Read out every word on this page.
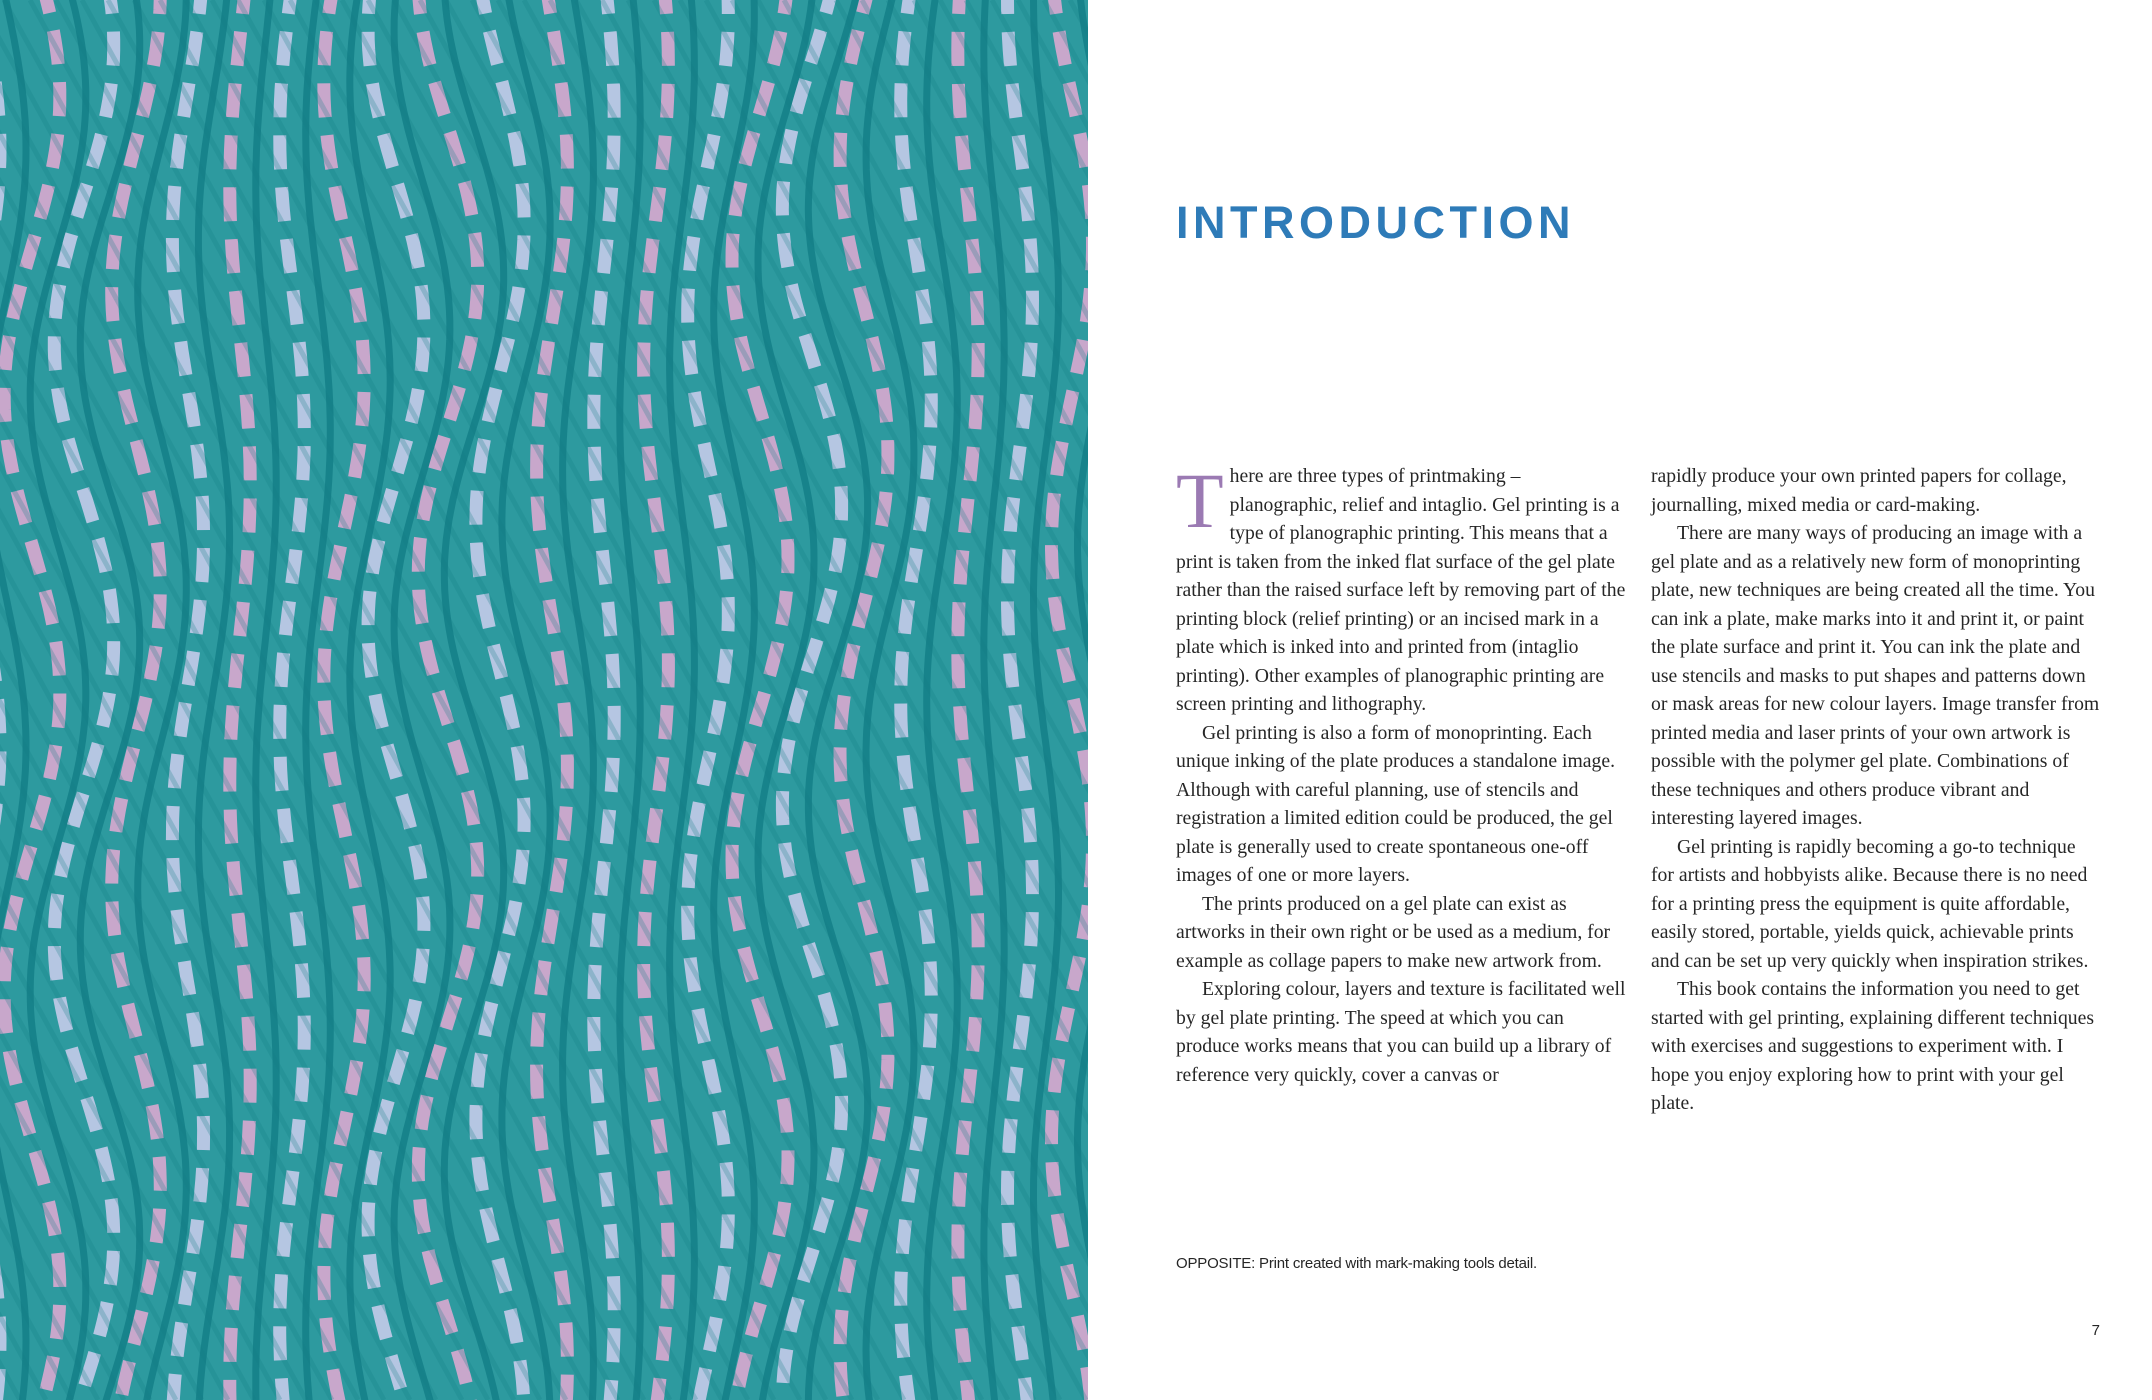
INTRODUCTION

There are three types of printmaking – planographic, relief and intaglio. Gel printing is a type of planographic printing. This means that a print is taken from the inked flat surface of the gel plate rather than the raised surface left by removing part of the printing block (relief printing) or an incised mark in a plate which is inked into and printed from (intaglio printing). Other examples of planographic printing are screen printing and lithography.

Gel printing is also a form of monoprinting. Each unique inking of the plate produces a standalone image. Although with careful planning, use of stencils and registration a limited edition could be produced, the gel plate is generally used to create spontaneous one-off images of one or more layers.

The prints produced on a gel plate can exist as artworks in their own right or be used as a medium, for example as collage papers to make new artwork from.

Exploring colour, layers and texture is facilitated well by gel plate printing. The speed at which you can produce works means that you can build up a library of reference very quickly, cover a canvas or

rapidly produce your own printed papers for collage, journalling, mixed media or card-making.

There are many ways of producing an image with a gel plate and as a relatively new form of monoprinting plate, new techniques are being created all the time. You can ink a plate, make marks into it and print it, or paint the plate surface and print it. You can ink the plate and use stencils and masks to put shapes and patterns down or mask areas for new colour layers. Image transfer from printed media and laser prints of your own artwork is possible with the polymer gel plate. Combinations of these techniques and others produce vibrant and interesting layered images.

Gel printing is rapidly becoming a go-to technique for artists and hobbyists alike. Because there is no need for a printing press the equipment is quite affordable, easily stored, portable, yields quick, achievable prints and can be set up very quickly when inspiration strikes.

This book contains the information you need to get started with gel printing, explaining different techniques with exercises and suggestions to experiment with. I hope you enjoy exploring how to print with your gel plate.

OPPOSITE: Print created with mark-making tools detail.
7
